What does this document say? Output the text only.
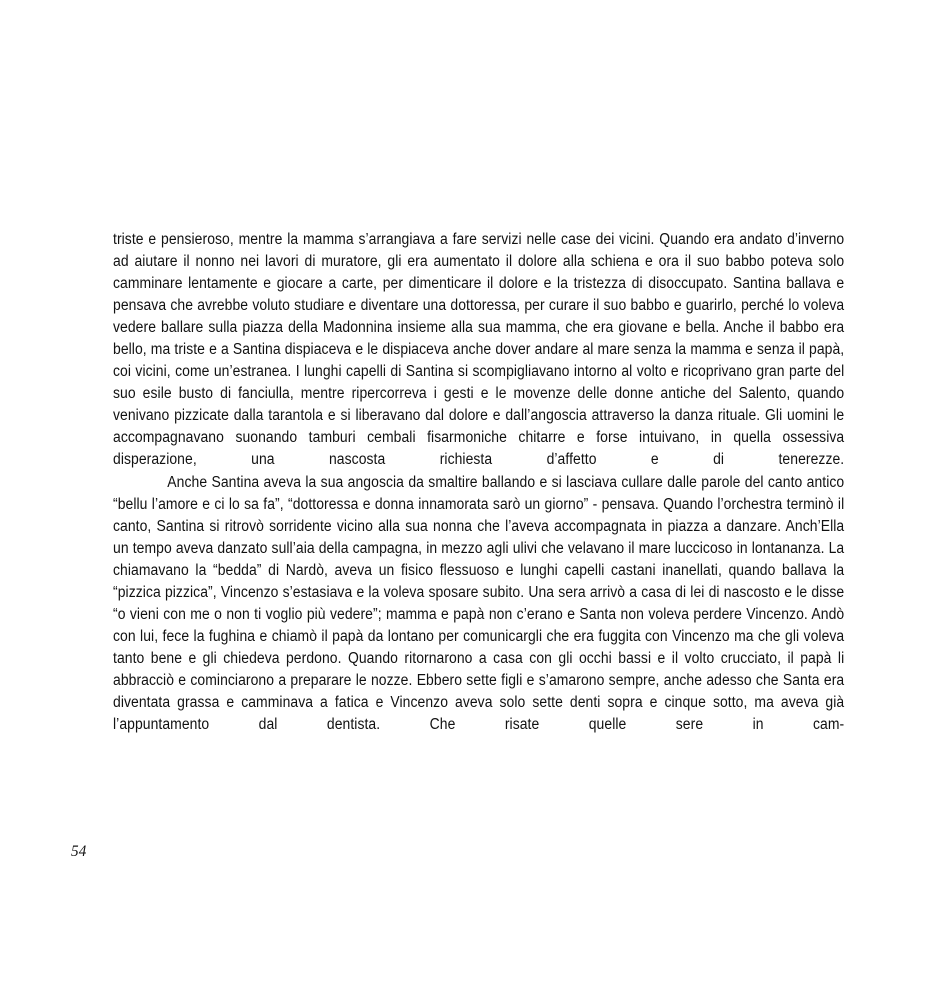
triste e pensieroso, mentre la mamma s’arrangiava a fare servizi nelle case dei vicini. Quando era andato d’inverno ad aiutare il nonno nei lavori di muratore, gli era aumentato il dolore alla schiena e ora il suo babbo poteva solo camminare lentamente e giocare a carte, per dimenticare il dolore e la tristezza di disoccupato. Santina ballava e pensava che avrebbe voluto studiare e diventare una dottoressa, per curare il suo babbo e guarirlo, perché lo voleva vedere ballare sulla piazza della Madonnina insieme alla sua mamma, che era giovane e bella. Anche il babbo era bello, ma triste e a Santina dispiaceva e le dispiaceva anche dover andare al mare senza la mamma e senza il papà, coi vicini, come un’estranea. I lunghi capelli di Santina si scompigliavano intorno al volto e ricoprivano gran parte del suo esile busto di fanciulla, mentre ripercorreva i gesti e le movenze delle donne antiche del Salento, quando venivano pizzicate dalla tarantola e si liberavano dal dolore e dall’angoscia attraverso la danza rituale. Gli uomini le accompagnavano suonando tamburi cembali fisarmoniche chitarre e forse intuivano, in quella ossessiva disperazione, una nascosta richiesta d’affetto e di tenerezze.

Anche Santina aveva la sua angoscia da smaltire ballando e si lasciava cullare dalle parole del canto antico “bellu l’amore e ci lo sa fa”, “dottoressa e donna innamorata sarò un giorno” - pensava. Quando l’orchestra terminò il canto, Santina si ritrovò sorridente vicino alla sua nonna che l’aveva accompagnata in piazza a danzare. Anch’Ella un tempo aveva danzato sull’aia della campagna, in mezzo agli ulivi che velavano il mare luccicoso in lontananza. La chiamavano la “bedda” di Nardò, aveva un fisico flessuoso e lunghi capelli castani inanellati, quando ballava la “pizzica pizzica”, Vincenzo s’estasiava e la voleva sposare subito. Una sera arrivò a casa di lei di nascosto e le disse “o vieni con me o non ti voglio più vedere”; mamma e papà non c’erano e Santa non voleva perdere Vincenzo. Andò con lui, fece la fughina e chiamò il papà da lontano per comunicargli che era fuggita con Vincenzo ma che gli voleva tanto bene e gli chiedeva perdono. Quando ritornarono a casa con gli occhi bassi e il volto crucciato, il papà li abbracciò e cominciarono a preparare le nozze. Ebbero sette figli e s’amarono sempre, anche adesso che Santa era diventata grassa e camminava a fatica e Vincenzo aveva solo sette denti sopra e cinque sotto, ma aveva già l’appuntamento dal dentista. Che risate quelle sere in cam-

54
